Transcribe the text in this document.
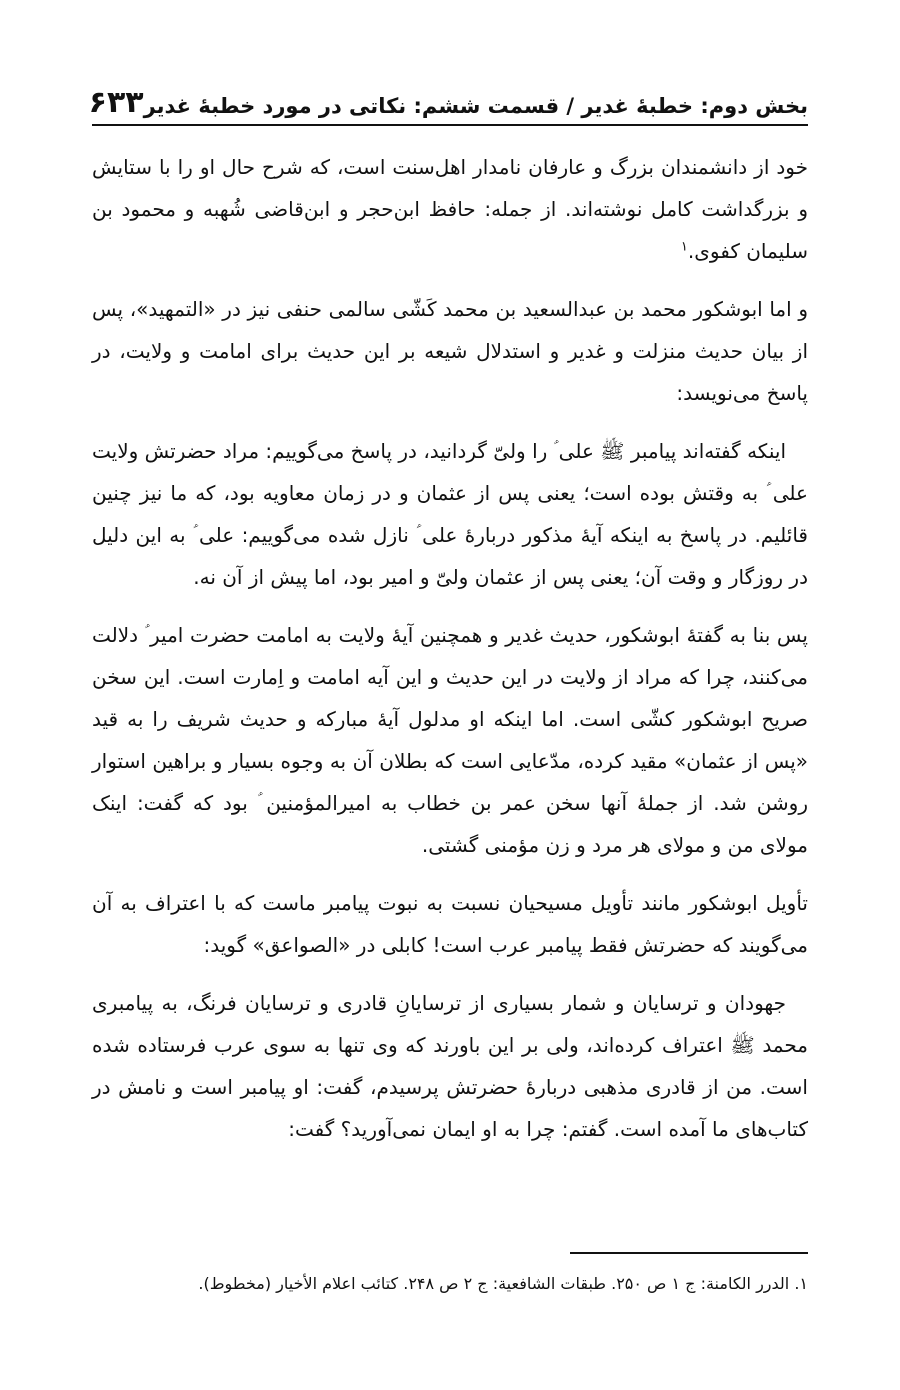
بخش دوم: خطبهٔ غدیر / قسمت ششم: نکاتی در مورد خطبهٔ غدیر
۶۳۳

خود از دانشمندان بزرگ و عارفان نامدار اهل‌سنت است، که شرح حال او را با ستایش و بزرگداشت کامل نوشته‌اند. از جمله: حافظ ابن‌حجر و ابن‌قاضی شُهبه و محمود بن سلیمان کفوی.$^۱$

و اما ابوشکور محمد بن عبدالسعید بن محمد کَشّی سالمی حنفی نیز در «التمهید»، پس از بیان حدیث منزلت و غدیر و استدلال شیعه بر این حدیث برای امامت و ولایت، در پاسخ می‌نویسد:

اینکه گفته‌اند پیامبر ﷺ علی ؑ را ولیّ گردانید، در پاسخ می‌گوییم: مراد حضرتش ولایت علی ؑ به وقتش بوده است؛ یعنی پس از عثمان و در زمان معاویه بود، که ما نیز چنین قائلیم. در پاسخ به اینکه آیهٔ مذکور دربارهٔ علی ؑ نازل شده می‌گوییم: علی ؑ به این دلیل در روزگار و وقت آن؛ یعنی پس از عثمان ولیّ و امیر بود، اما پیش از آن نه.

پس بنا به گفتهٔ ابوشکور، حدیث غدیر و همچنین آیهٔ ولایت به امامت حضرت امیر ؑ دلالت می‌کنند، چرا که مراد از ولایت در این حدیث و این آیه امامت و اِمارت است. این سخن صریح ابوشکور کشّی است. اما اینکه او مدلول آیهٔ مبارکه و حدیث شریف را به قید «پس از عثمان» مقید کرده، مدّعایی است که بطلان آن به وجوه بسیار و براهین استوار روشن شد. از جملهٔ آنها سخن عمر بن خطاب به امیرالمؤمنین ؑ بود که گفت: اینک مولای من و مولای هر مرد و زن مؤمنی گشتی.

تأویل ابوشکور مانند تأویل مسیحیان نسبت به نبوت پیامبر ماست که با اعتراف به آن می‌گویند که حضرتش فقط پیامبر عرب است! کابلی در «الصواعق» گوید:

جهودان و ترسایان و شمار بسیاری از ترسایانِ قادری و ترسایان فرنگ، به پیامبری محمد ﷺ اعتراف کرده‌اند، ولی بر این باورند که وی تنها به سوی عرب فرستاده شده است. من از قادری مذهبی دربارهٔ حضرتش پرسیدم، گفت: او پیامبر است و نامش در کتاب‌های ما آمده است. گفتم: چرا به او ایمان نمی‌آورید؟ گفت:

۱. الدرر الکامنة: ج ۱ ص ۲۵۰. طبقات الشافعیة: ج ۲ ص ۲۴۸. کتائب اعلام الأخیار (مخطوط).
